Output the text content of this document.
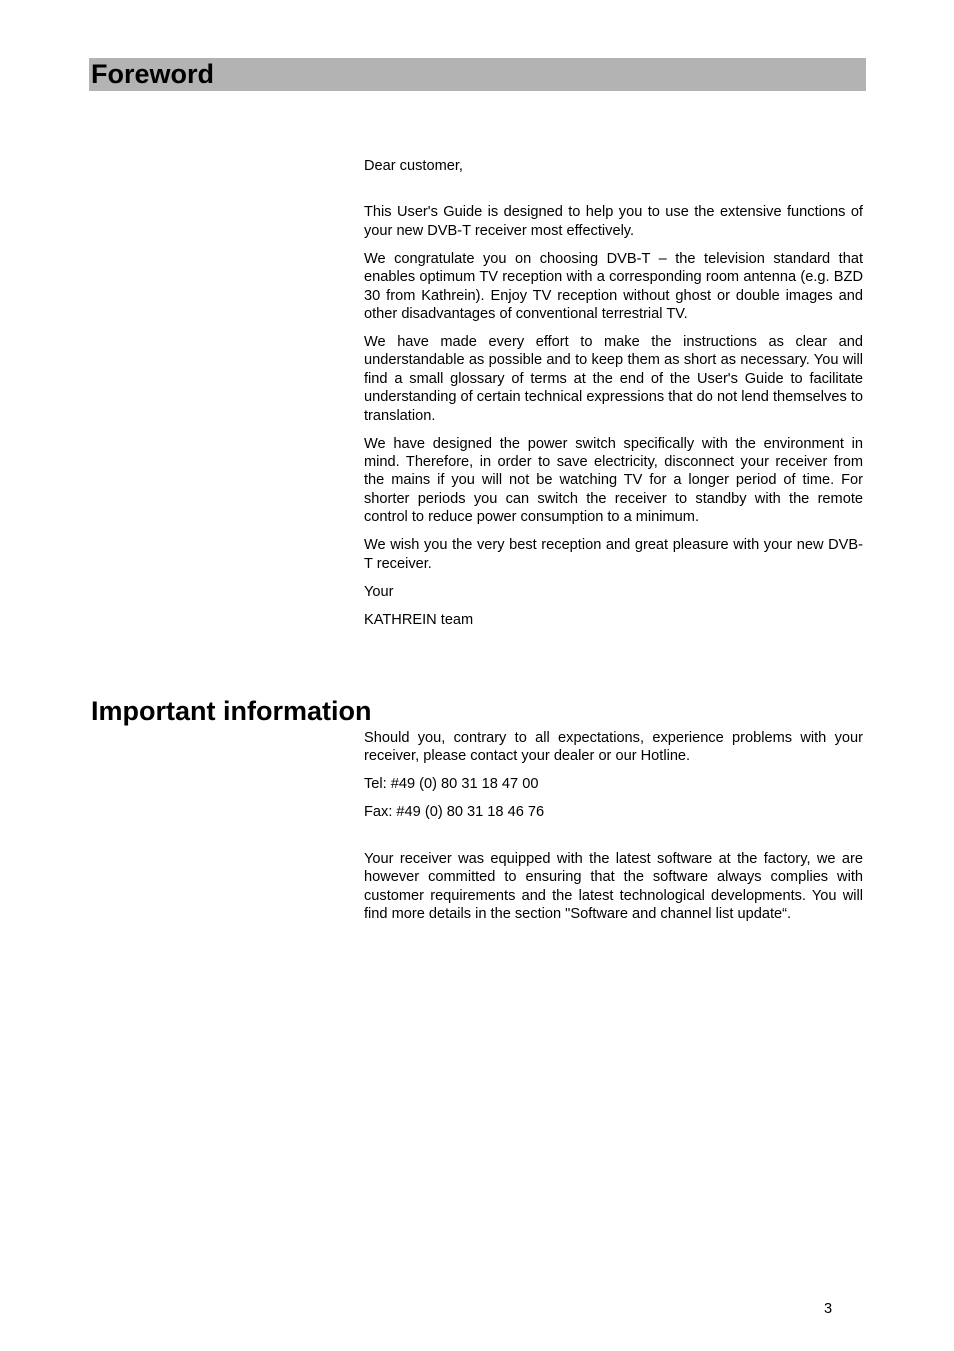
Foreword

Dear customer,

This User's Guide is designed to help you to use the extensive functions of your new DVB-T receiver most effectively.

We congratulate you on choosing DVB-T – the television standard that enables optimum TV reception with a corresponding room antenna (e.g. BZD 30 from Kathrein). Enjoy TV reception without ghost or double images and other disadvantages of conventional terrestrial TV.

We have made every effort to make the instructions as clear and understandable as possible and to keep them as short as necessary. You will find a small glossary of terms at the end of the User's Guide to facilitate understanding of certain technical expressions that do not lend themselves to translation.

We have designed the power switch specifically with the environment in mind. Therefore, in order to save electricity, disconnect your receiver from the mains if you will not be watching TV for a longer period of time. For shorter periods you can switch the receiver to standby with the remote control to reduce power consumption to a minimum.

We wish you the very best reception and great pleasure with your new DVB-T receiver.

Your

KATHREIN team

Important information

Should you, contrary to all expectations, experience problems with your receiver, please contact your dealer or our Hotline.

Tel: #49 (0) 80 31 18 47 00

Fax: #49 (0) 80 31 18 46 76

Your receiver was equipped with the latest software at the factory, we are however committed to ensuring that the software always complies with customer requirements and the latest technological developments. You will find more details in the section "Software and channel list update“.

3
